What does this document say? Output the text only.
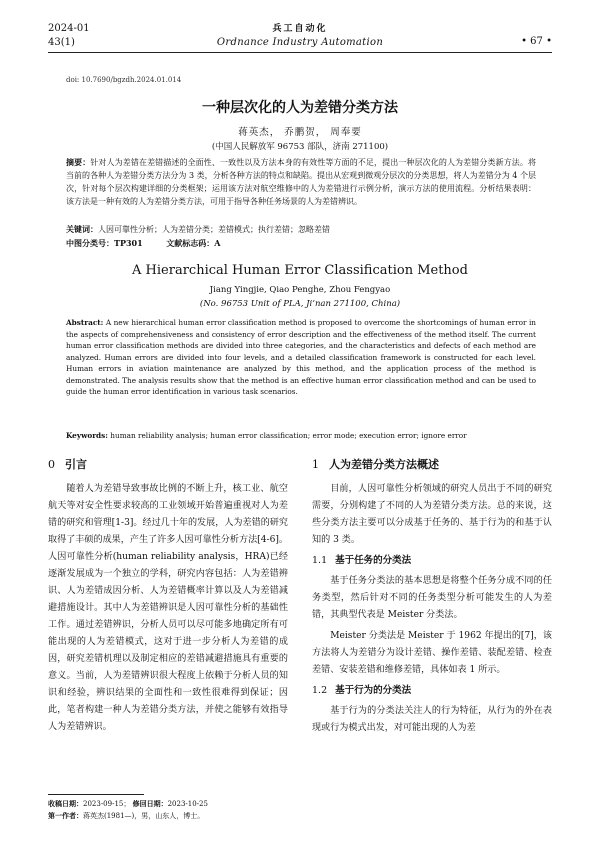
2024-01
43(1)
兵工自动化
Ordnance Industry Automation	• 67 •
doi: 10.7690/bgzdh.2024.01.014
一种层次化的人为差错分类方法
蒋英杰， 乔鹏贺， 周奉要
(中国人民解放军 96753 部队，济南 271100)
摘要：针对人为差错在差错描述的全面性、一致性以及方法本身的有效性等方面的不足，提出一种层次化的人为差错分类新方法。将当前的各种人为差错分类方法分为 3 类，分析各种方法的特点和缺陷。提出从宏观到微观分层次的分类思想，将人为差错分为 4 个层次，针对每个层次构建详细的分类框架；运用该方法对航空维修中的人为差错进行示例分析，演示方法的使用流程。分析结果表明：该方法是一种有效的人为差错分类方法，可用于指导各种任务场景的人为差错辨识。
关键词：人因可靠性分析；人为差错分类；差错模式；执行差错；忽略差错
中图分类号：TP301	文献标志码：A
A Hierarchical Human Error Classification Method
Jiang Yingjie, Qiao Penghe, Zhou Fengyao
(No. 96753 Unit of PLA, Ji’nan 271100, China)
Abstract: A new hierarchical human error classification method is proposed to overcome the shortcomings of human error in the aspects of comprehensiveness and consistency of error description and the effectiveness of the method itself. The current human error classification methods are divided into three categories, and the characteristics and defects of each method are analyzed. Human errors are divided into four levels, and a detailed classification framework is constructed for each level. Human errors in aviation maintenance are analyzed by this method, and the application process of the method is demonstrated. The analysis results show that the method is an effective human error classification method and can be used to guide the human error identification in various task scenarios.
Keywords: human reliability analysis; human error classification; error mode; execution error; ignore error
0 引言

随着人为差错导致事故比例的不断上升，核工业、航空航天等对安全性要求较高的工业领域开始普遍重视对人为差错的研究和管理[1-3]。经过几十年的发展，人为差错的研究取得了丰硕的成果，产生了许多人因可靠性分析方法[4-6]。人因可靠性分析(human reliability analysis，HRA)已经逐渐发展成为一个独立的学科，研究内容包括：人为差错辨识、人为差错成因分析、人为差错概率计算以及人为差错减避措施设计。其中人为差错辨识是人因可靠性分析的基础性工作。通过差错辨识，分析人员可以尽可能多地确定所有可能出现的人为差错模式，这对于进一步分析人为差错的成因，研究差错机理以及制定相应的差错减避措施具有重要的意义。当前，人为差错辨识很大程度上依赖于分析人员的知识和经验，辨识结果的全面性和一致性很难得到保证；因此，笔者构建一种人为差错分类方法，并使之能够有效指导人为差错辨识。

1 人为差错分类方法概述

目前，人因可靠性分析领域的研究人员出于不同的研究需要，分别构建了不同的人为差错分类方法。总的来说，这些分类方法主要可以分成基于任务的、基于行为的和基于认知的 3 类。

1.1 基于任务的分类法

基于任务分类法的基本思想是将整个任务分成不同的任务类型，然后针对不同的任务类型分析可能发生的人为差错，其典型代表是 Meister 分类法。

Meister 分类法是 Meister 于 1962 年提出的[7]，该方法将人为差错分为设计差错、操作差错、装配差错、检查差错、安装差错和维修差错，具体如表 1 所示。

1.2 基于行为的分类法

基于行为的分类法关注人的行为特征，从行为的外在表现或行为模式出发，对可能出现的人为差

收稿日期：2023-09-15； 修回日期：2023-10-25
第一作者：蒋英杰(1981—)，男，山东人，博士。
